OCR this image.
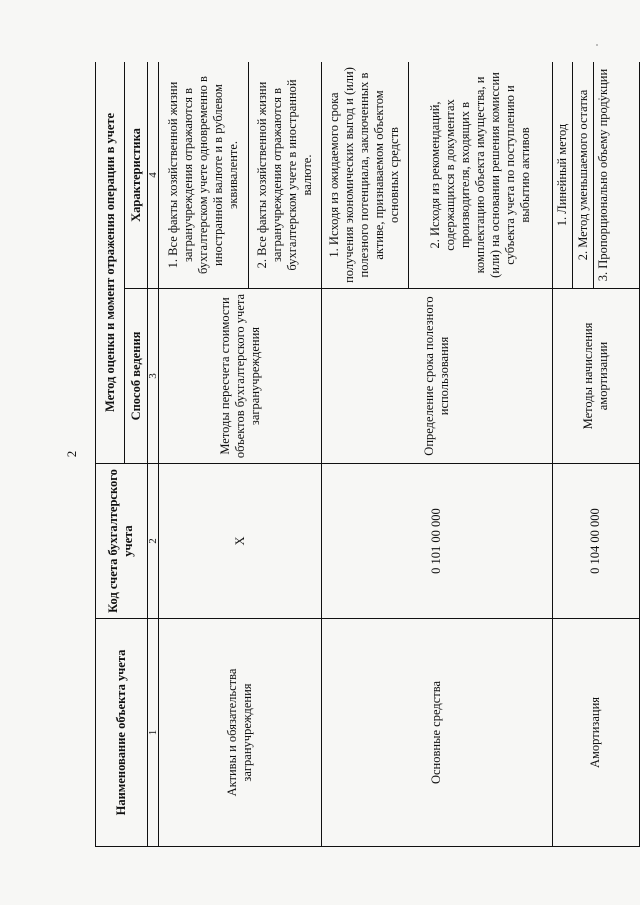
2
Наименование объекта учета	Код счета бухгалтерского учета	Метод оценки и момент отражения операции в учете	
		Способ ведения	Характеристика
1	2	3	4
Активы и обязательства загранучреждения	X	Методы пересчета стоимости объектов бухгалтерского учета загранучреждения	1. Все факты хозяйственной жизни загранучреждения отражаются в бухгалтерском учете одновременно в иностранной валюте и в рублевом эквиваленте.
			2. Все факты хозяйственной жизни загранучреждения отражаются в бухгалтерском учете в иностранной валюте.
Основные средства	0 101 00 000	Определение срока полезного использования	1. Исходя из ожидаемого срока получения экономических выгод и (или) полезного потенциала, заключенных в активе, признаваемом объектом основных средств
			2. Исходя из рекомендаций, содержащихся в документах производителя, входящих в комплектацию объекта имущества, и (или) на основании решения комиссии субъекта учета по поступлению и выбытию активов
Амортизация	0 104 00 000	Методы начисления амортизации	1. Линейный метод
			2. Метод уменьшаемого остатка
			3. Пропорционально объему продукции
